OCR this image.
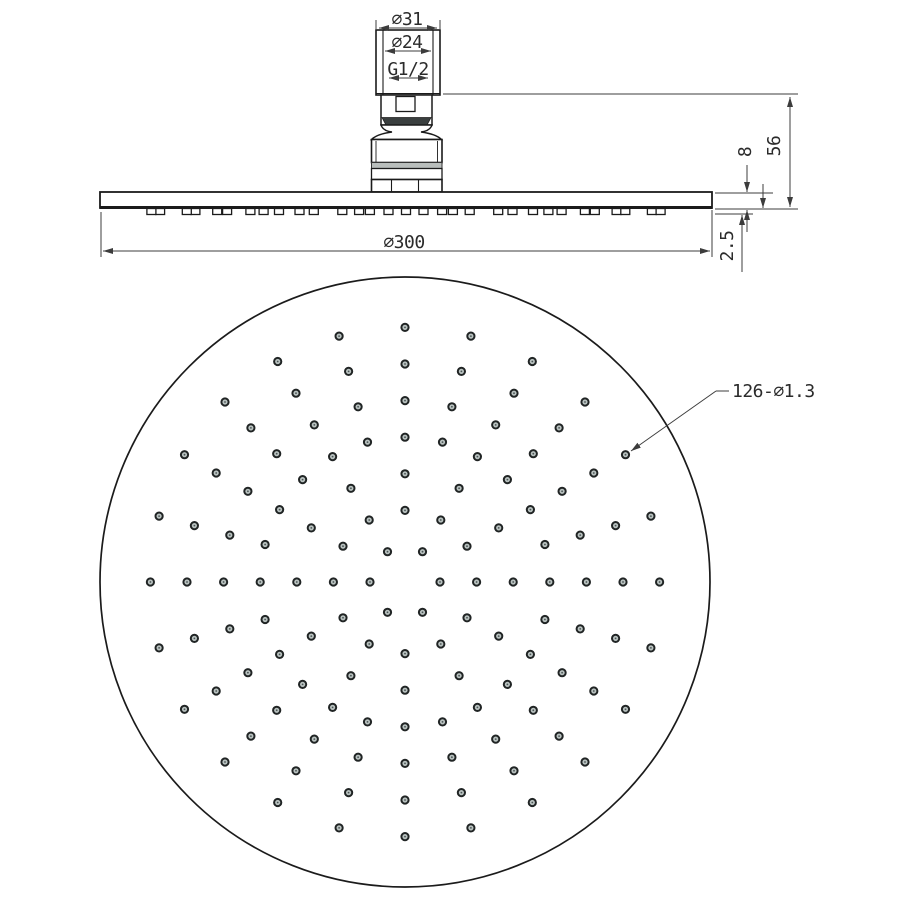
∅31
∅24
G1/2
∅300
56
8
2.5
126-∅1.3
